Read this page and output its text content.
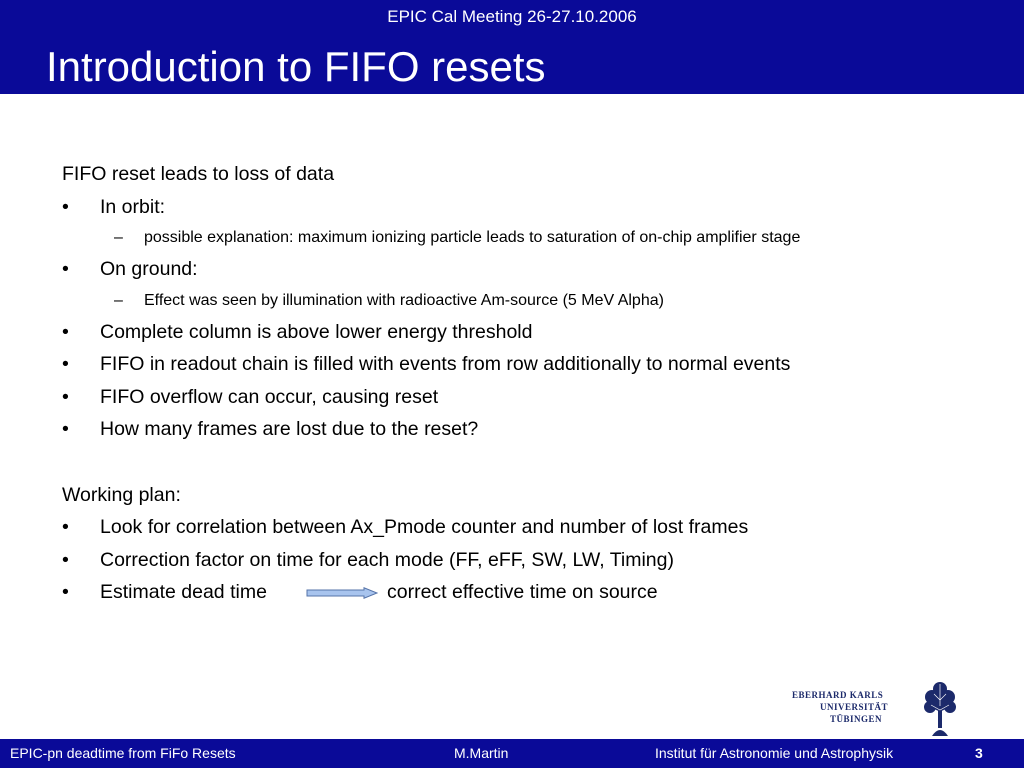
EPIC Cal Meeting 26-27.10.2006
Introduction to FIFO resets
FIFO reset leads to loss of data
• In orbit:
– possible explanation: maximum ionizing particle leads to saturation of on-chip amplifier stage
• On ground:
– Effect was seen by illumination with radioactive Am-source (5 MeV Alpha)
• Complete column is above lower energy threshold
• FIFO in readout chain is filled with events from row additionally to normal events
• FIFO overflow can occur, causing reset
• How many frames are lost due to the reset?
Working plan:
• Look for correlation between Ax_Pmode counter and number of lost frames
• Correction factor on time for each mode (FF, eFF, SW, LW, Timing)
• Estimate dead time	correct effective time on source
EBERHARD KARLS
UNIVERSITÄT
TÜBINGEN
EPIC-pn deadtime from FiFo Resets	M.Martin	Institut für Astronomie und Astrophysik	3
